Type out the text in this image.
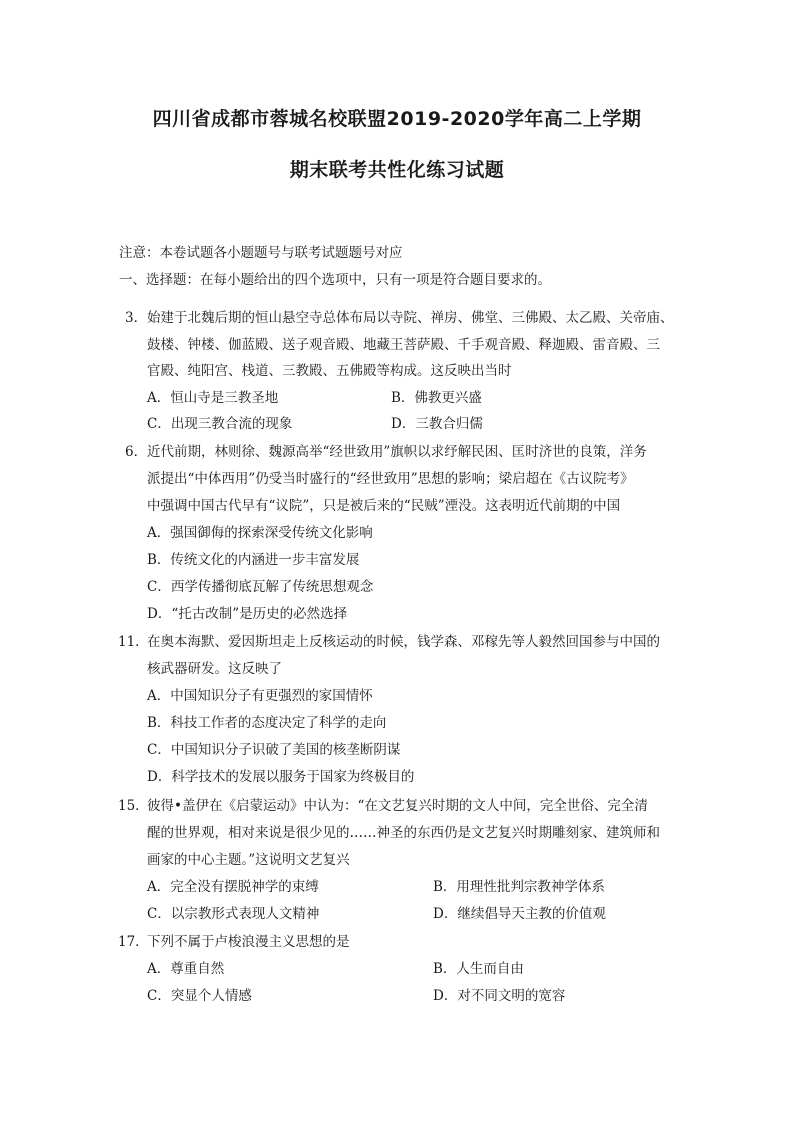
四川省成都市蓉城名校联盟2019-2020学年高二上学期
期末联考共性化练习试题
注意：本卷试题各小题题号与联考试题题号对应
一、选择题：在每小题给出的四个选项中，只有一项是符合题目要求的。
3． 始建于北魏后期的恒山悬空寺总体布局以寺院、禅房、佛堂、三佛殿、太乙殿、关帝庙、
鼓楼、钟楼、伽蓝殿、送子观音殿、地藏王菩萨殿、千手观音殿、释迦殿、雷音殿、三
官殿、纯阳宫、栈道、三教殿、五佛殿等构成。这反映出当时
A．恒山寺是三教圣地	B．佛教更兴盛
C．出现三教合流的现象	D．三教合归儒
6． 近代前期，林则徐、魏源高举“经世致用”旗帜以求纾解民困、匡时济世的良策，洋务
派提出“中体西用”仍受当时盛行的“经世致用”思想的影响；梁启超在《古议院考》
中强调中国古代早有“议院”，只是被后来的“民贼”湮没。这表明近代前期的中国
A．强国御侮的探索深受传统文化影响
B．传统文化的内涵进一步丰富发展
C．西学传播彻底瓦解了传统思想观念
D．“托古改制”是历史的必然选择
11．
在奥本海默、爱因斯坦走上反核运动的时候，钱学森、邓稼先等人毅然回国参与中国的
核武器研发。这反映了
A．中国知识分子有更强烈的家国情怀
B．科技工作者的态度决定了科学的走向
C．中国知识分子识破了美国的核垄断阴谋
D．科学技术的发展以服务于国家为终极目的
15．
彼得•盖伊在《启蒙运动》中认为：“在文艺复兴时期的文人中间，完全世俗、完全清
醒的世界观，相对来说是很少见的……神圣的东西仍是文艺复兴时期雕刻家、建筑师和
画家的中心主题。”这说明文艺复兴
A．完全没有摆脱神学的束缚	B．用理性批判宗教神学体系
C．以宗教形式表现人文精神	D．继续倡导天主教的价值观
17．
下列不属于卢梭浪漫主义思想的是
A．尊重自然	B．人生而自由
C．突显个人情感	D．对不同文明的宽容
